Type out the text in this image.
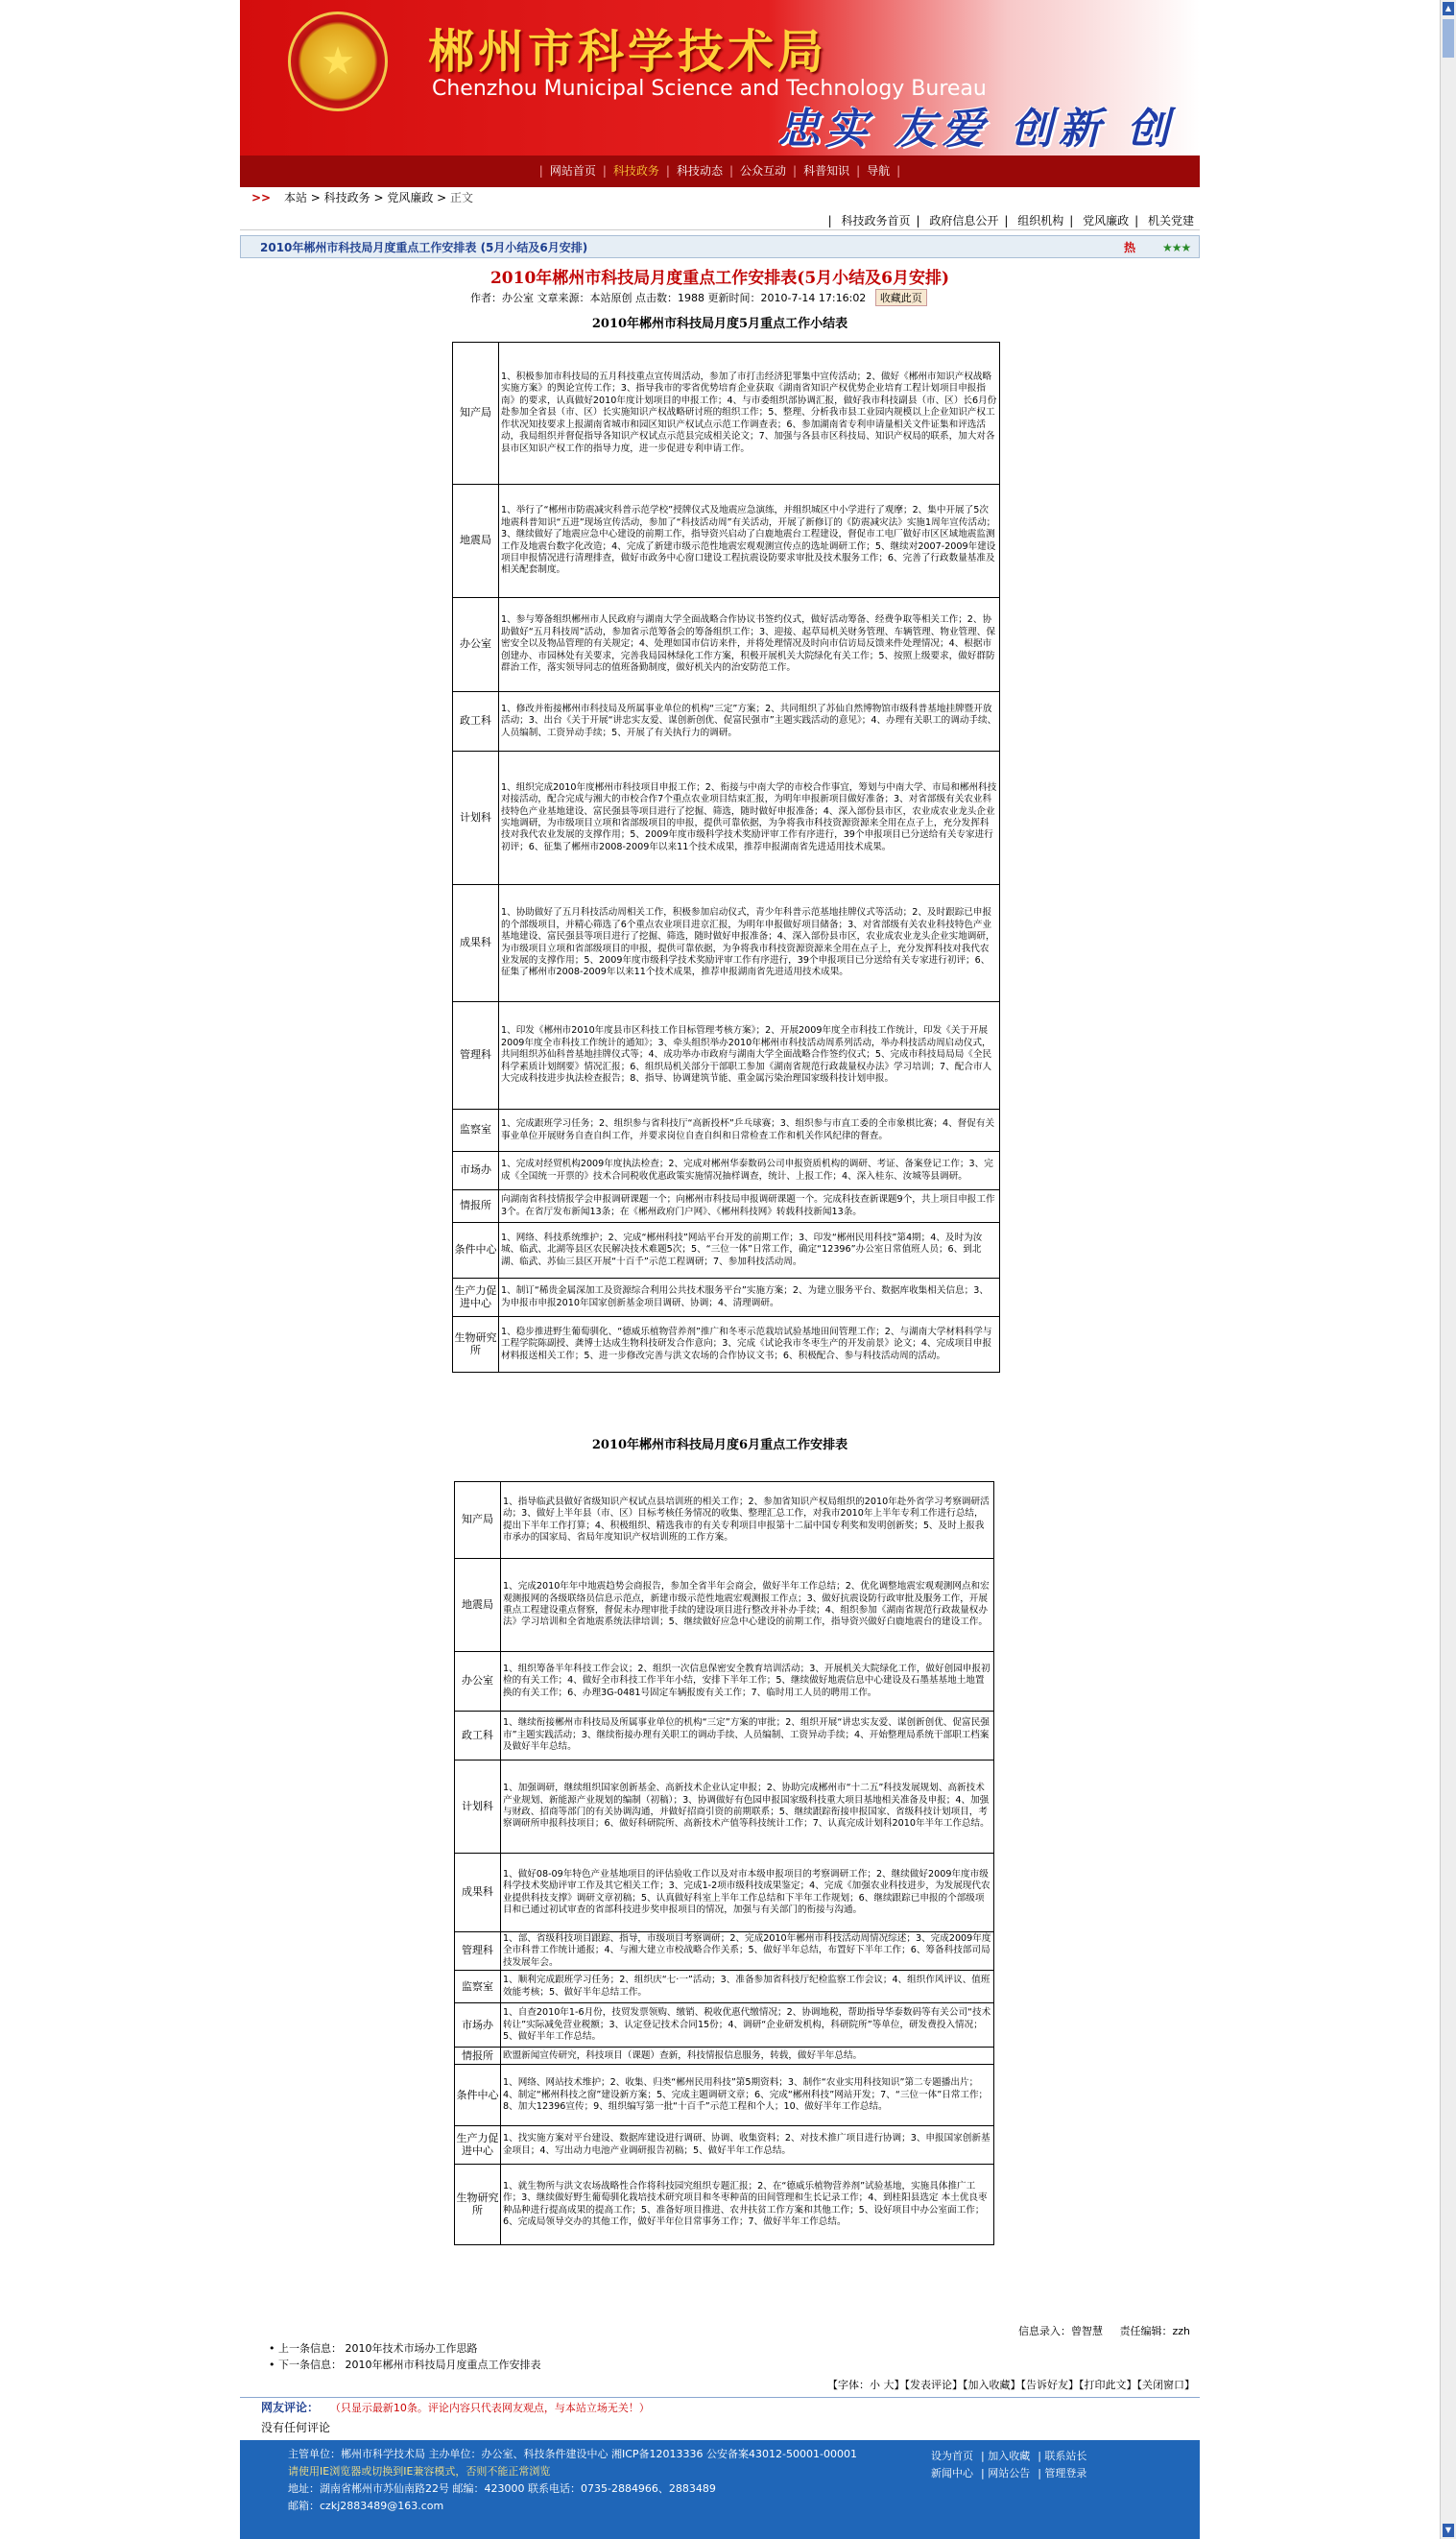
★	郴州市科学技术局
Chenzhou Municipal Science and Technology Bureau
忠实 友爱 创新 创
| 网站首页 | 科技政务 | 科技动态 | 公众互动 | 科普知识 | 导航 |
>> 本站 > 科技政务 > 党风廉政 > 正文
| 科技政务首页 | 政府信息公开 | 组织机构 | 党风廉政 | 机关党建
2010年郴州市科技局月度重点工作安排表 (5月小结及6月安排)	热 ★★★
2010年郴州市科技局月度重点工作安排表(5月小结及6月安排)
作者：办公室 文章来源：本站原创 点击数：1988 更新时间：2010-7-14 17:16:02 收藏此页
2010年郴州市科技局月度5月重点工作小结表
知产局	1、积极参加市科技局的五月科技重点宣传周活动，参加了市打击经济犯罪集中宣传活动；2、做好《郴州市知识产权战略实施方案》的舆论宣传工作；3、指导我市的零省优势培育企业获取《湖南省知识产权优势企业培育工程计划项目申报指南》的要求，认真做好2010年度计划项目的申报工作；4、与市委组织部协调汇报，做好我市科技副县（市、区）长6月份赴参加全省县（市、区）长实施知识产权战略研讨班的组织工作；5、整理、分析我市县工业园内规模以上企业知识产权工作状况知技要求上报湖南省城市和园区知识产权试点示范工作调查表；6、参加湖南省专利申请量相关文件证集和评选活动，我局组织并督促指导各知识产权试点示范县完成相关论文；7、加强与各县市区科技局、知识产权局的联系，加大对各县市区知识产权工作的指导力度，进一步促进专利申请工作。
地震局	1、举行了“郴州市防震减灾科普示范学校”授牌仪式及地震应急演练，并组织城区中小学进行了观摩；2、集中开展了5次地震科普知识“五进”现场宣传活动，参加了“科技活动周”有关活动，开展了新修订的《防震减灾法》实施1周年宣传活动；3、继续做好了地震应急中心建设的前期工作，指导资兴启动了白鹿地震台工程建设，督促市工电厂做好市区区域地震监测工作及地震台数字化改造；4、完成了新建市级示范性地震宏观观测宣传点的选址调研工作；5、继续对2007-2009年建设项目申报情况进行清理排查，做好市政务中心窗口建设工程抗震设防要求审批及技术服务工作；6、完善了行政数量基准及相关配套制度。
办公室	1、参与筹备组织郴州市人民政府与湖南大学全面战略合作协议书签约仪式，做好活动筹备、经费争取等相关工作；2、协助做好“五月科技周”活动，参加省示范筹备会的筹备组织工作；3、迎接、起草局机关财务管理、车辆管理、物业管理、保密安全以及物品管理的有关规定；4、处理如国市信访来件，并将处理情况及时向市信访局反馈来件处理情况；4、根据市创建办、市园林处有关要求，完善我局园林绿化工作方案，积极开展机关大院绿化有关工作；5、按照上级要求，做好群防群治工作，落实领导同志的值班备勤制度，做好机关内的治安防范工作。
政工科	1、修改并衔接郴州市科技局及所属事业单位的机构“三定”方案；2、共同组织了苏仙自然博物馆市级科普基地挂牌暨开放活动；3、出台《关于开展“讲忠实友爱、谋创新创优、促富民强市”主题实践活动的意见》；4、办理有关职工的调动手续、人员编制、工资异动手续；5、开展了有关执行力的调研。
计划科	1、组织完成2010年度郴州市科技项目申报工作；2、衔接与中南大学的市校合作事宜，筹划与中南大学、市局和郴州科技对接活动，配合完成与湘大的市校合作7个重点农业项目结束汇报，为明年申报新项目做好准备；3、对省部级有关农业科技特色产业基地建设、富民强县等项目进行了挖掘、筛选，随时做好申报准备；4、深入部份县市区，农业成农业龙头企业实地调研，为市级项目立项和省部级项目的申报，提供可靠依据，为争将我市科技资源资源来全用在点子上，充分发挥科技对我代农业发展的支撑作用；5、2009年度市级科学技术奖励评审工作有序进行，39个申报项目已分送给有关专家进行初评；6、征集了郴州市2008-2009年以来11个技术成果，推荐申报湖南省先进适用技术成果。
成果科	1、协助做好了五月科技活动周相关工作，积极参加启动仪式，青少年科普示范基地挂牌仪式等活动；2、及时跟踪已申报的个部级项目，并精心筛选了6个重点农业项目进京汇报，为明年申报做好项目储备；3、对省部级有关农业科技特色产业基地建设、富民强县等项目进行了挖掘、筛选，随时做好申报准备；4、深入部份县市区，农业成农业龙头企业实地调研，为市级项目立项和省部级项目的申报，提供可靠依据，为争将我市科技资源资源来全用在点子上，充分发挥科技对我代农业发展的支撑作用；5、2009年度市级科学技术奖励评审工作有序进行，39个申报项目已分送给有关专家进行初评；6、征集了郴州市2008-2009年以来11个技术成果，推荐申报湖南省先进适用技术成果。
管理科	1、印发《郴州市2010年度县市区科技工作目标管理考核方案》；2、开展2009年度全市科技工作统计，印发《关于开展2009年度全市科技工作统计的通知》；3、牵头组织举办2010年郴州市科技活动周系列活动，举办科技活动周启动仪式，共同组织苏仙科普基地挂牌仪式等；4、成功举办市政府与湖南大学全面战略合作签约仪式；5、完成市科技局局局《全民科学素质计划纲要》情况汇报；6、组织局机关部分干部职工参加《湖南省规范行政裁量权办法》学习培训；7、配合市人大完成科技进步执法检查报告；8、指导、协调建筑节能、重金属污染治理国家级科技计划申报。
监察室	1、完成跟班学习任务；2、组织参与省科技厅“高新投杯”乒乓球赛；3、组织参与市直工委的全市象棋比赛；4、督促有关事业单位开展财务自查自纠工作，并要求岗位自查自纠和日常检查工作和机关作风纪律的督查。
市场办	1、完成对经贸机构2009年度执法检查；2、完成对郴州华泰数码公司申报资质机构的调研、考证、备案登记工作；3、完成《全国统一开票的》技术合同税收优惠政策实施情况抽样调查，统计、上报工作；4、深入桂东、汝城等县调研。
情报所	向湖南省科技情报学会申报调研课题一个；向郴州市科技局申报调研课题一个。完成科技查新课题9个，共上项目申报工作3个。在省厅发布新闻13条；在《郴州政府门户网》、《郴州科技网》转载科技新闻13条。
条件中心	1、网络、科技系统维护；2、完成“郴州科技”网站平台开发的前期工作；3、印发“郴州民用科技”第4期；4、及时为汝城、临武、北湖等县区农民解决技术难题5次；5、“三位一体”日常工作，确定“12396”办公室日常值班人员；6、到北湖、临武、苏仙三县区开展“十百千”示范工程调研；7、参加科技活动周。
生产力促进中心	1、制订“稀贵金属深加工及资源综合利用公共技术服务平台”实施方案；2、为建立服务平台、数据库收集相关信息；3、为申报市申报2010年国家创新基金项目调研、协调；4、清理调研。
生物研究所	1、稳步推进野生葡萄驯化、“德威乐植物营养剂”推广和冬枣示范栽培试验基地田间管理工作；2、与湖南大学材料科学与工程学院陈副授、龚博士达成生物科技研发合作意向；3、完成《试论我市冬枣生产的开发前景》论文；4、完成项目申报材料报送相关工作；5、进一步修改完善与洪文农场的合作协议文书；6、积极配合、参与科技活动周的活动。
2010年郴州市科技局月度6月重点工作安排表
知产局	1、指导临武县做好省级知识产权试点县培训班的相关工作；2、参加省知识产权局组织的2010年赴外省学习考察调研活动；3、做好上半年县（市、区）目标考核任务情况的收集、整理汇总工作，对我市2010年上半年专利工作进行总结，提出下半年工作打算；4、积极组织、精选我市的有关专利项目申报第十二届中国专利奖和发明创新奖；5、及时上报我市承办的国家局、省局年度知识产权培训班的工作方案。
地震局	1、完成2010年年中地震趋势会商报告，参加全省半年会商会，做好半年工作总结；2、优化调整地震宏观观测网点和宏观测报网的各级联络员信息示范点，新建市级示范性地震宏观测报工作点；3、做好抗震设防行政审批及服务工作，开展重点工程建设重点督察，督促未办理审批手续的建设项目进行整改并补办手续；4、组织参加《湖南省规范行政裁量权办法》学习培训和全省地震系统法律培训；5、继续做好应急中心建设的前期工作，指导资兴做好白鹿地震台的建设工作。
办公室	1、组织筹备半年科技工作会议；2、组织一次信息保密安全教育培训活动；3、开展机关大院绿化工作，做好创园申报初检的有关工作；4、做好全市科技工作半年小结，安排下半年工作；5、继续做好地震信息中心建设及石墨基基地土地置换的有关工作；6、办理3G-0481号固定车辆报废有关工作；7、临时用工人员的聘用工作。
政工科	1、继续衔接郴州市科技局及所属事业单位的机构“三定”方案的审批；2、组织开展“讲忠实友爱、谋创新创优、促富民强市”主题实践活动；3、继续衔接办理有关职工的调动手续、人员编制、工资异动手续；4、开始整理局系统干部职工档案及做好半年总结。
计划科	1、加强调研，继续组织国家创新基金、高新技术企业认定申报；2、协助完成郴州市“十二五”科技发展规划、高新技术产业规划、新能源产业规划的编制（初稿）；3、协调做好有色园申报国家级科技重大项目基地相关准备及申报；4、加强与财政、招商等部门的有关协调沟通，并做好招商引资的前期联系；5、继续跟踪衔接申报国家、省级科技计划项目，考察调研所申报科技项目；6、做好科研院所、高新技术产值等科技统计工作；7、认真完成计划科2010年半年工作总结。
成果科	1、做好08-09年特色产业基地项目的评估验收工作以及对市本级申报项目的考察调研工作；2、继续做好2009年度市级科学技术奖励评审工作及其它相关工作；3、完成1-2项市级科技成果鉴定；4、完成《加强农业科技进步，为发展现代农业提供科技支撑》调研文章初稿；5、认真做好科室上半年工作总结和下半年工作规划；6、继续跟踪已申报的个部级项目和已通过初试审查的省部科技进步奖申报项目的情况，加强与有关部门的衔接与沟通。
管理科	1、部、省级科技项目跟踪、指导，市级项目考察调研；2、完成2010年郴州市科技活动周情况综述；3、完成2009年度全市科普工作统计通报；4、与湘大建立市校战略合作关系；5、做好半年总结，布置好下半年工作；6、筹备科技部司局技发展年会。
监察室	1、顺利完成跟班学习任务；2、组织庆“七·一”活动；3、准备参加省科技厅纪检监察工作会议；4、组织作风评议、值班效能考核；5、做好半年总结工作。
市场办	1、自查2010年1-6月份，技贸发票领购、缴销、税收优惠代缴情况；2、协调地税，帮助指导华泰数码等有关公司“技术转让”实际减免营业税额；3、认定登记技术合同15份；4、调研“企业研发机构，科研院所”等单位，研发费投入情况；5、做好半年工作总结。
情报所	欧盟新闻宣传研究，科技项目（课题）查新，科技情报信息服务，转载，做好半年总结。
条件中心	1、网络、网站技术维护；2、收集、归类“郴州民用科技”第5期资料；3、制作“农业实用科技知识”第二专题播出片；4、制定“郴州科技之窗”建设新方案；5、完成主题调研文章；6、完成“郴州科技”网站开发；7、“三位一体”日常工作；8、加大12396宣传；9、组织编写第一批“十百千”示范工程和个人；10、做好半年工作总结。
生产力促进中心	1、找实施方案对平台建设、数据库建设进行调研、协调、收集资料；2、对技术推广项目进行协调；3、申报国家创新基金项目；4、写出动力电池产业调研报告初稿；5、做好半年工作总结。
生物研究所	1、就生物所与洪文农场战略性合作将科技园究组织专题汇报；2、在“德威乐植物营养剂”试验基地，实施具体推广工作；3、继续做好野生葡萄驯化栽培技术研究项目和冬枣种苗的田间管理和生长记录工作；4、到桂阳县选定 本土优良枣种品种进行提高成果的提高工作；5、准备好项目推进、农井扶贫工作方案和其他工作；5、设好项目中办公室面工作；6、完成局领导交办的其他工作，做好半年位目常事务工作；7、做好半年工作总结。
信息录入：曾智慧 责任编辑：zzh
• 上一条信息： 2010年技术市场办工作思路
• 下一条信息： 2010年郴州市科技局月度重点工作安排表
【字体：小 大】【发表评论】【加入收藏】【告诉好友】【打印此文】【关闭窗口】
网友评论： （只显示最新10条。评论内容只代表网友观点，与本站立场无关！）
没有任何评论
主管单位：郴州市科学技术局 主办单位：办公室、科技条件建设中心 湘ICP备12013336 公安备案43012-50001-00001
请使用IE浏览器或切换到IE兼容模式，否则不能正常浏览
地址：湖南省郴州市苏仙南路22号 邮编：423000 联系电话：0735-2884966、2883489
邮箱：czkj2883489@163.com
设为首页 | 加入收藏 | 联系站长
新闻中心 | 网站公告 | 管理登录
▲
▼
